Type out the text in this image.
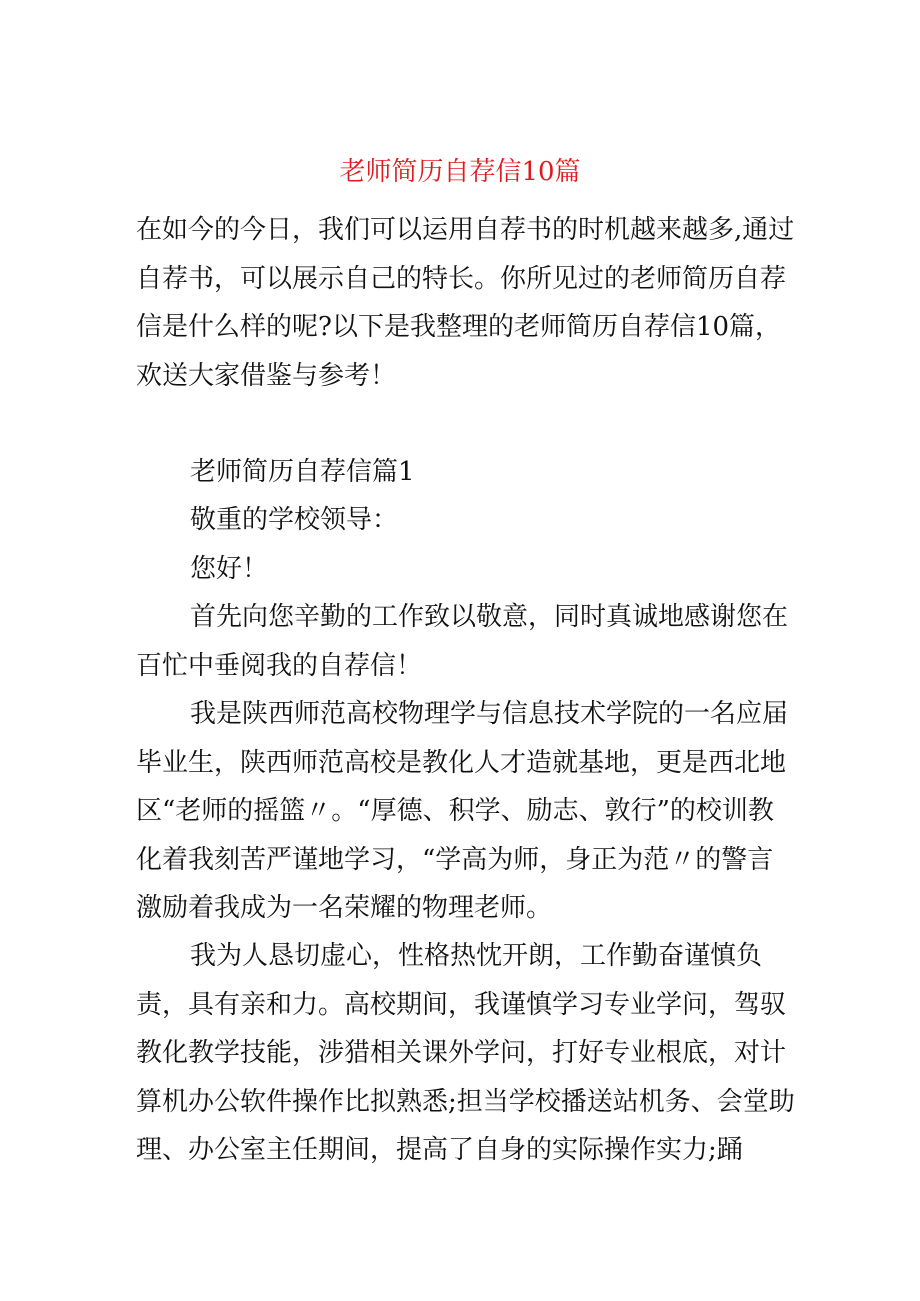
老师简历自荐信10篇

在如今的今日，我们可以运用自荐书的时机越来越多,通过自荐书，可以展示自己的特长。你所见过的老师简历自荐信是什么样的呢?以下是我整理的老师简历自荐信10篇，欢送大家借鉴与参考！

老师简历自荐信篇1

敬重的学校领导：

您好！

首先向您辛勤的工作致以敬意，同时真诚地感谢您在百忙中垂阅我的自荐信！

我是陕西师范高校物理学与信息技术学院的一名应届毕业生，陕西师范高校是教化人才造就基地，更是西北地区“老师的摇篮〃。“厚德、积学、励志、敦行”的校训教化着我刻苦严谨地学习，“学高为师，身正为范〃的警言激励着我成为一名荣耀的物理老师。

我为人恳切虚心，性格热忱开朗，工作勤奋谨慎负责，具有亲和力。高校期间，我谨慎学习专业学问，驾驭教化教学技能，涉猎相关课外学问，打好专业根底，对计算机办公软件操作比拟熟悉;担当学校播送站机务、会堂助理、办公室主任期间，提高了自身的实际操作实力;踊
